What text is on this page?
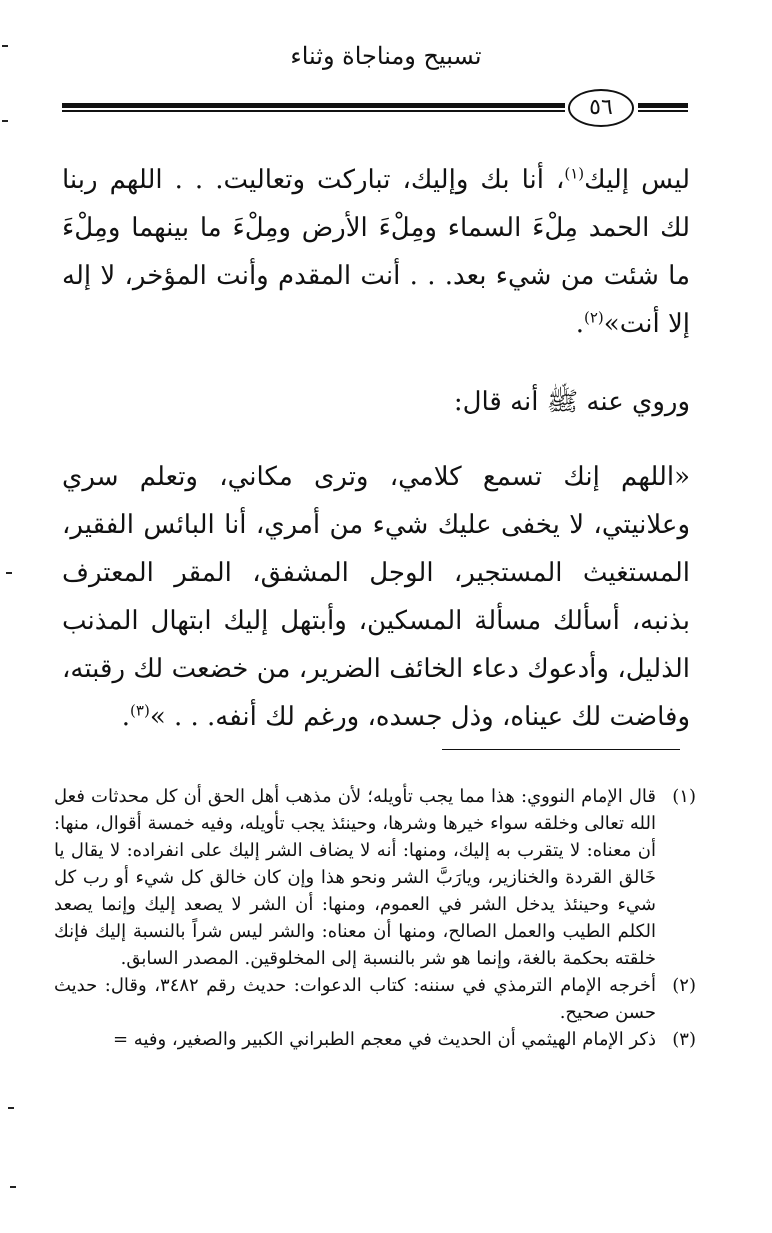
تسبيح ومناجاة وثناء
٥٦
ليس إليك$^{(١)}$، أنا بك وإليك، تباركت وتعاليت. . . اللهم ربنا لك الحمد مِلْءَ السماء ومِلْءَ الأرض ومِلْءَ ما بينهما ومِلْءَ ما شئت من شيء بعد. . . أنت المقدم وأنت المؤخر، لا إله إلا أنت»$^{(٢)}$.
وروي عنه ﷺ أنه قال:
«اللهم إنك تسمع كلامي، وترى مكاني، وتعلم سري وعلانيتي، لا يخفى عليك شيء من أمري، أنا البائس الفقير، المستغيث المستجير، الوجل المشفق، المقر المعترف بذنبه، أسألك مسألة المسكين، وأبتهل إليك ابتهال المذنب الذليل، وأدعوك دعاء الخائف الضرير، من خضعت لك رقبته، وفاضت لك عيناه، وذل جسده، ورغم لك أنفه. . . »$^{(٣)}$.
(١)
قال الإمام النووي: هذا مما يجب تأويله؛ لأن مذهب أهل الحق أن كل محدثات فعل الله تعالى وخلقه سواء خيرها وشرها، وحينئذ يجب تأويله، وفيه خمسة أقوال، منها: أن معناه: لا يتقرب به إليك، ومنها: أنه لا يضاف الشر إليك على انفراده: لا يقال يا خَالق القردة والخنازير، ويارَبَّ الشر ونحو هذا وإن كان خالق كل شيء أو رب كل شيء وحينئذ يدخل الشر في العموم، ومنها: أن الشر لا يصعد إليك وإنما يصعد الكلم الطيب والعمل الصالح، ومنها أن معناه: والشر ليس شراً بالنسبة إليك فإنك خلقته بحكمة بالغة، وإنما هو شر بالنسبة إلى المخلوقين. المصدر السابق.
(٢)
أخرجه الإمام الترمذي في سننه: كتاب الدعوات: حديث رقم ٣٤٨٢، وقال: حديث حسن صحيح.
(٣)
ذكر الإمام الهيثمي أن الحديث في معجم الطبراني الكبير والصغير، وفيه =
